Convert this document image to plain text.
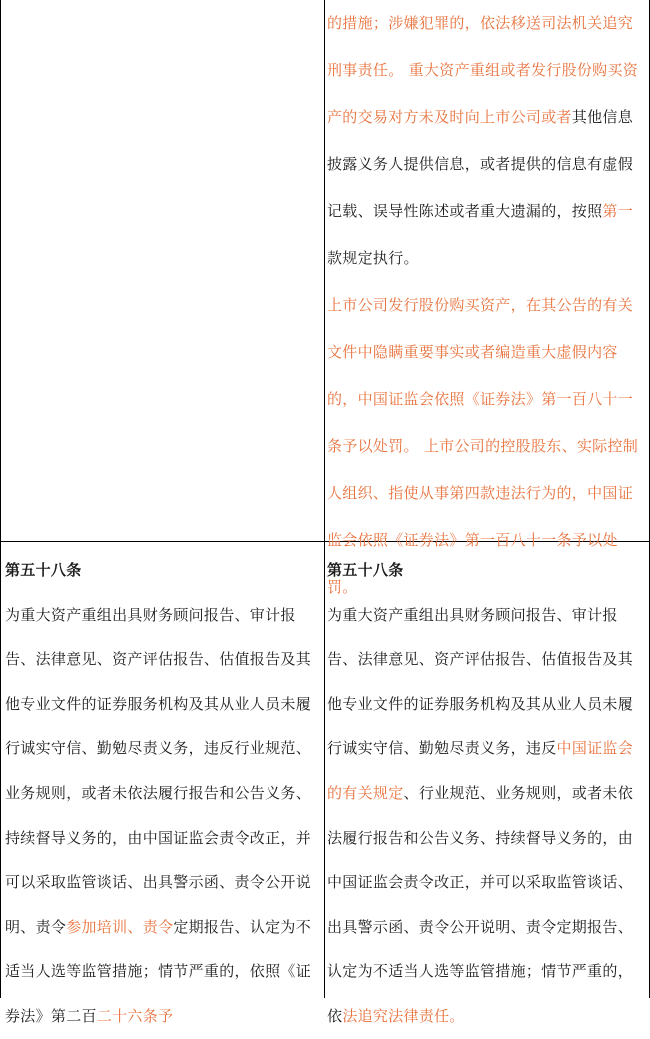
的措施；涉嫌犯罪的，依法移送司法机关追究刑事责任。 重大资产重组或者发行股份购买资产的交易对方未及时向上市公司或者其他信息披露义务人提供信息，或者提供的信息有虚假记载、误导性陈述或者重大遗漏的，按照第一款规定执行。

上市公司发行股份购买资产，在其公告的有关文件中隐瞒重要事实或者编造重大虚假内容的，中国证监会依照《证券法》第一百八十一条予以处罚。 上市公司的控股股东、实际控制人组织、指使从事第四款违法行为的，中国证监会依照《证券法》第一百八十一条予以处罚。

第五十八条

为重大资产重组出具财务顾问报告、审计报告、法律意见、资产评估报告、估值报告及其他专业文件的证券服务机构及其从业人员未履行诚实守信、勤勉尽责义务，违反行业规范、业务规则，或者未依法履行报告和公告义务、持续督导义务的，由中国证监会责令改正，并可以采取监管谈话、出具警示函、责令公开说明、责令参加培训、责令定期报告、认定为不适当人选等监管措施；情节严重的，依照《证券法》第二百二十六条予

第五十八条

为重大资产重组出具财务顾问报告、审计报告、法律意见、资产评估报告、估值报告及其他专业文件的证券服务机构及其从业人员未履行诚实守信、勤勉尽责义务，违反中国证监会的有关规定、行业规范、业务规则，或者未依法履行报告和公告义务、持续督导义务的，由中国证监会责令改正，并可以采取监管谈话、出具警示函、责令公开说明、责令定期报告、认定为不适当人选等监管措施；情节严重的，依法追究法律责任。
